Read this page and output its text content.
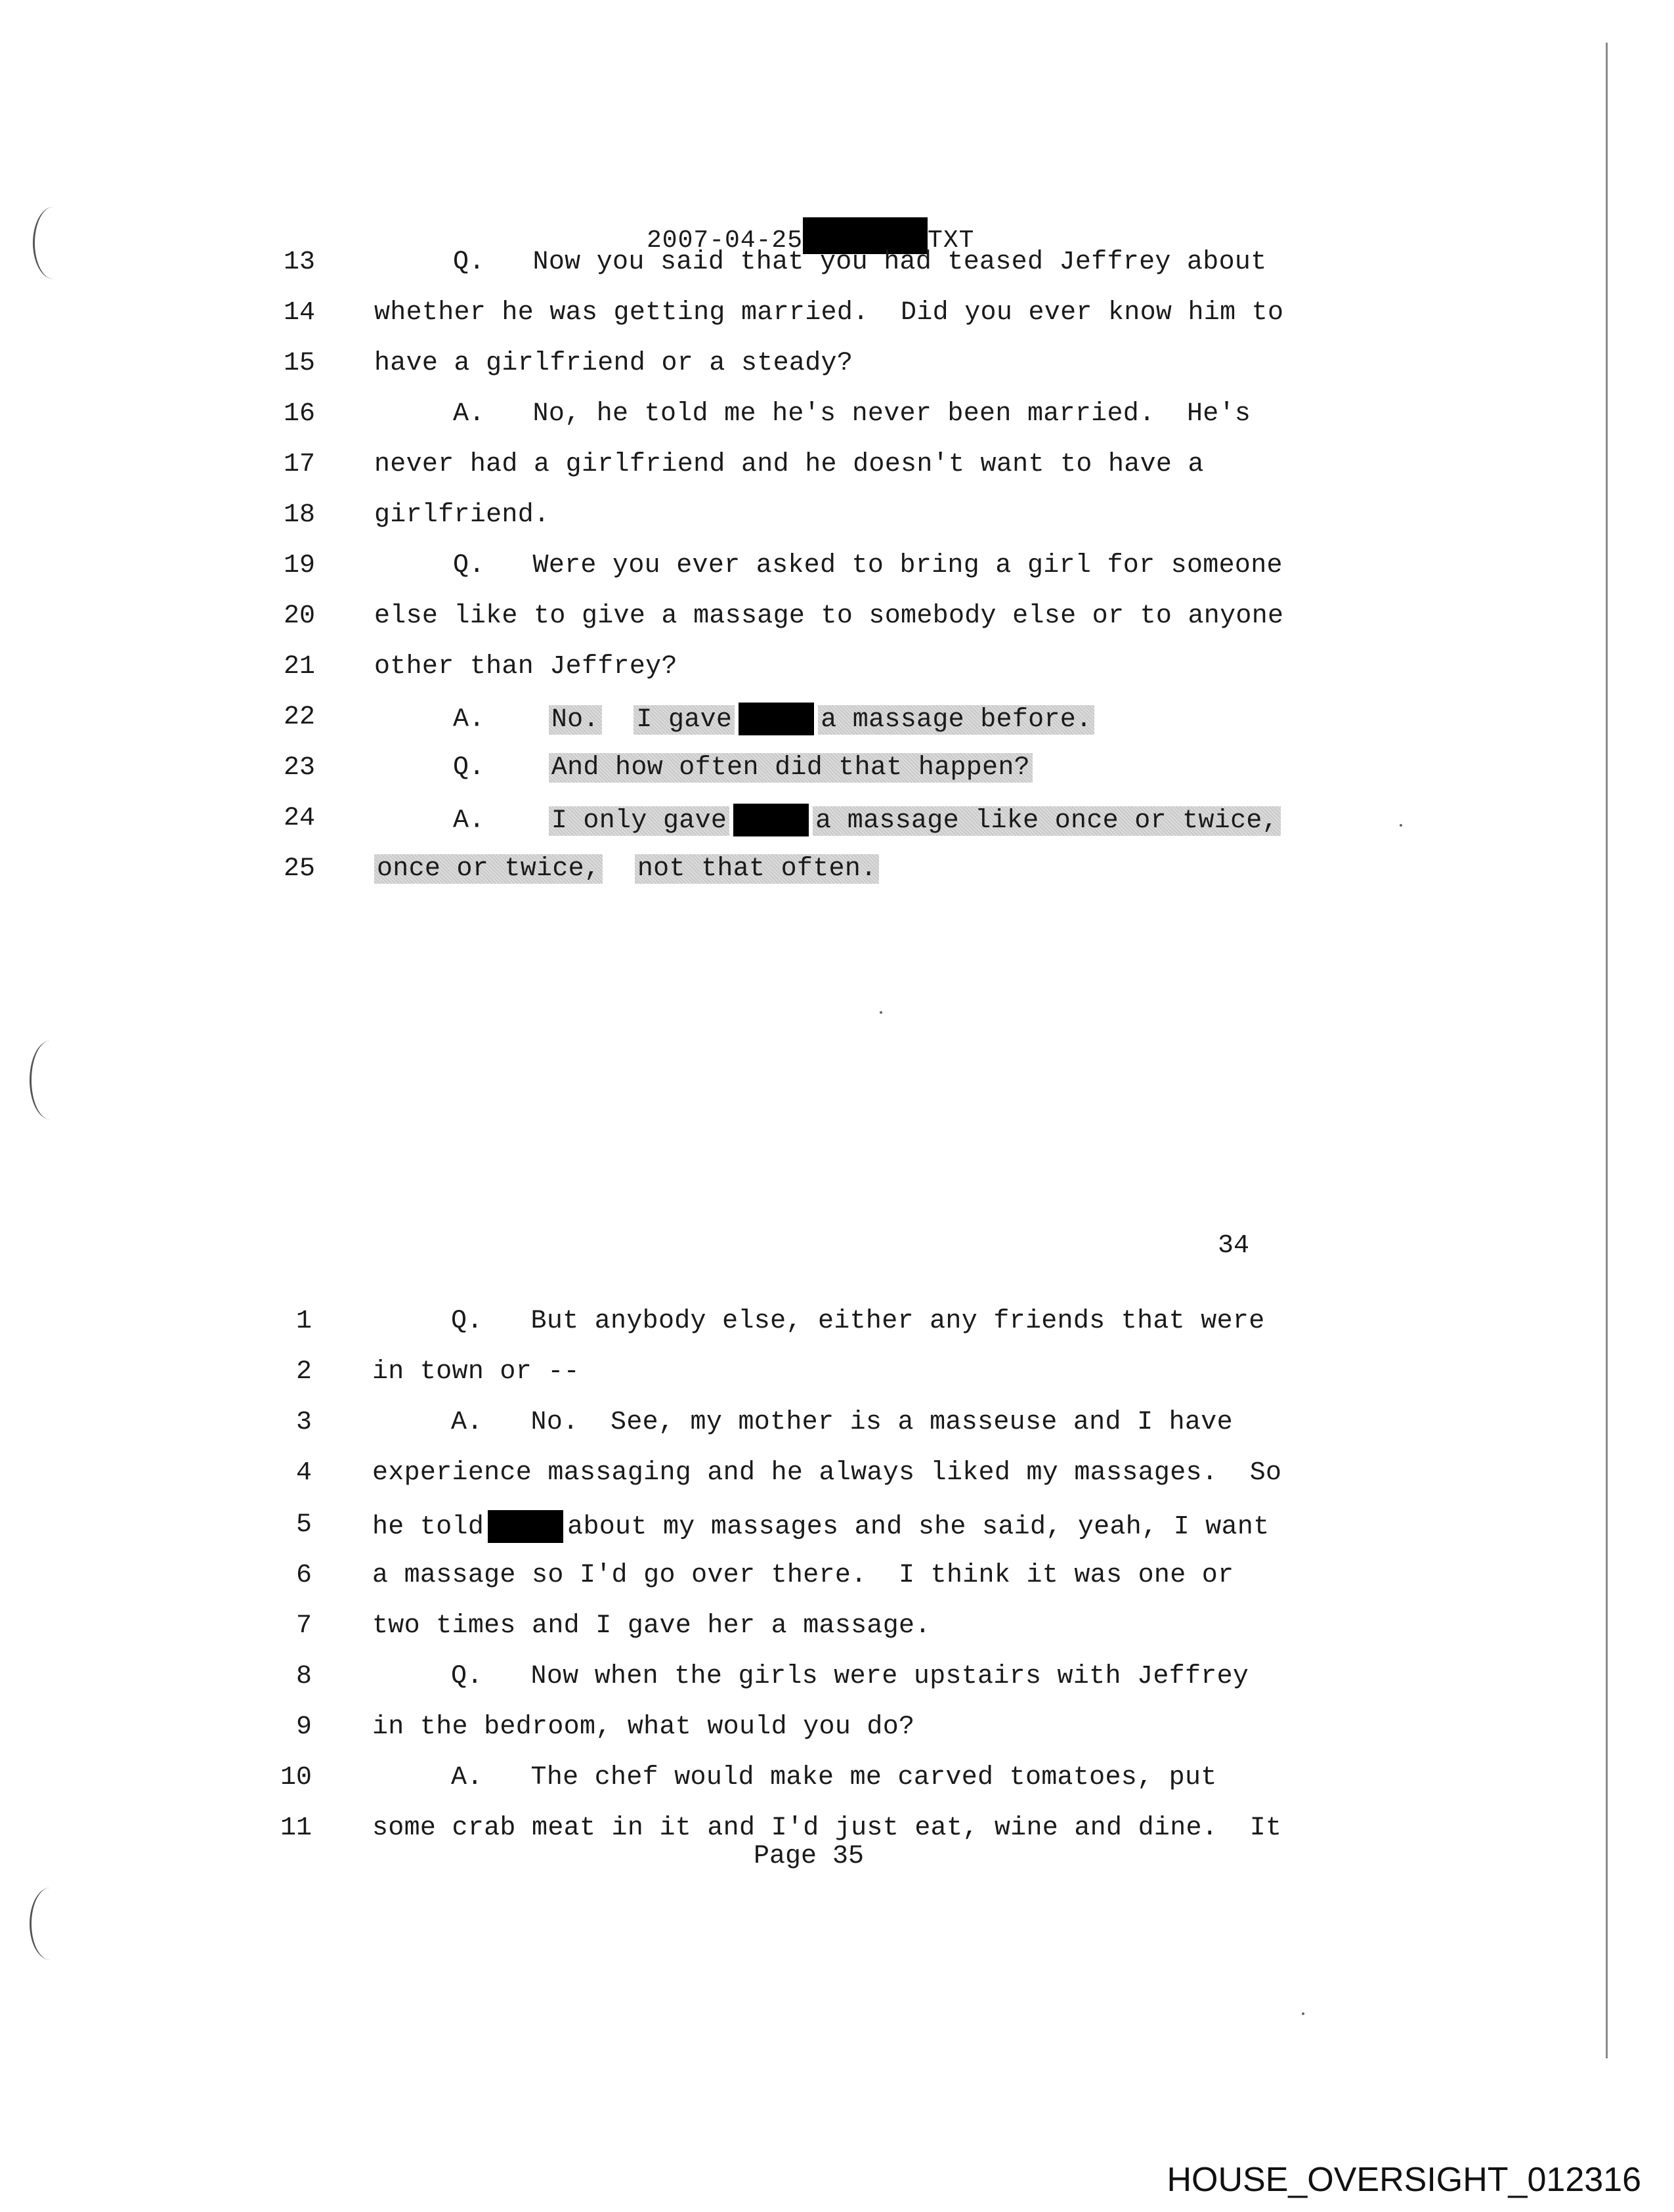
2007-04-25	TXT
13	Q.   Now you said that you had teased Jeffrey about
14 whether he was getting married.  Did you ever know him to
15 have a girlfriend or a steady?
16	A.   No, he told me he's never been married.  He's
17 never had a girlfriend and he doesn't want to have a
18 girlfriend.
19	Q.   Were you ever asked to bring a girl for someone
20 else like to give a massage to somebody else or to anyone
21 other than Jeffrey?
22	A.	No. I gave	a massage before.
23	Q.	And how often did that happen?
24	A.	I only gave	a massage like once or twice,
25 once or twice, not that often.
34
1	Q.   But anybody else, either any friends that were
2 in town or --
3	A.   No.  See, my mother is a masseuse and I have
4 experience massaging and he always liked my massages.  So
5 he told	about my massages and she said, yeah, I want
6 a massage so I'd go over there.  I think it was one or
7 two times and I gave her a massage.
8	Q.   Now when the girls were upstairs with Jeffrey
9 in the bedroom, what would you do?
10	A.   The chef would make me carved tomatoes, put
11 some crab meat in it and I'd just eat, wine and dine.  It
Page 35
HOUSE_OVERSIGHT_012316
